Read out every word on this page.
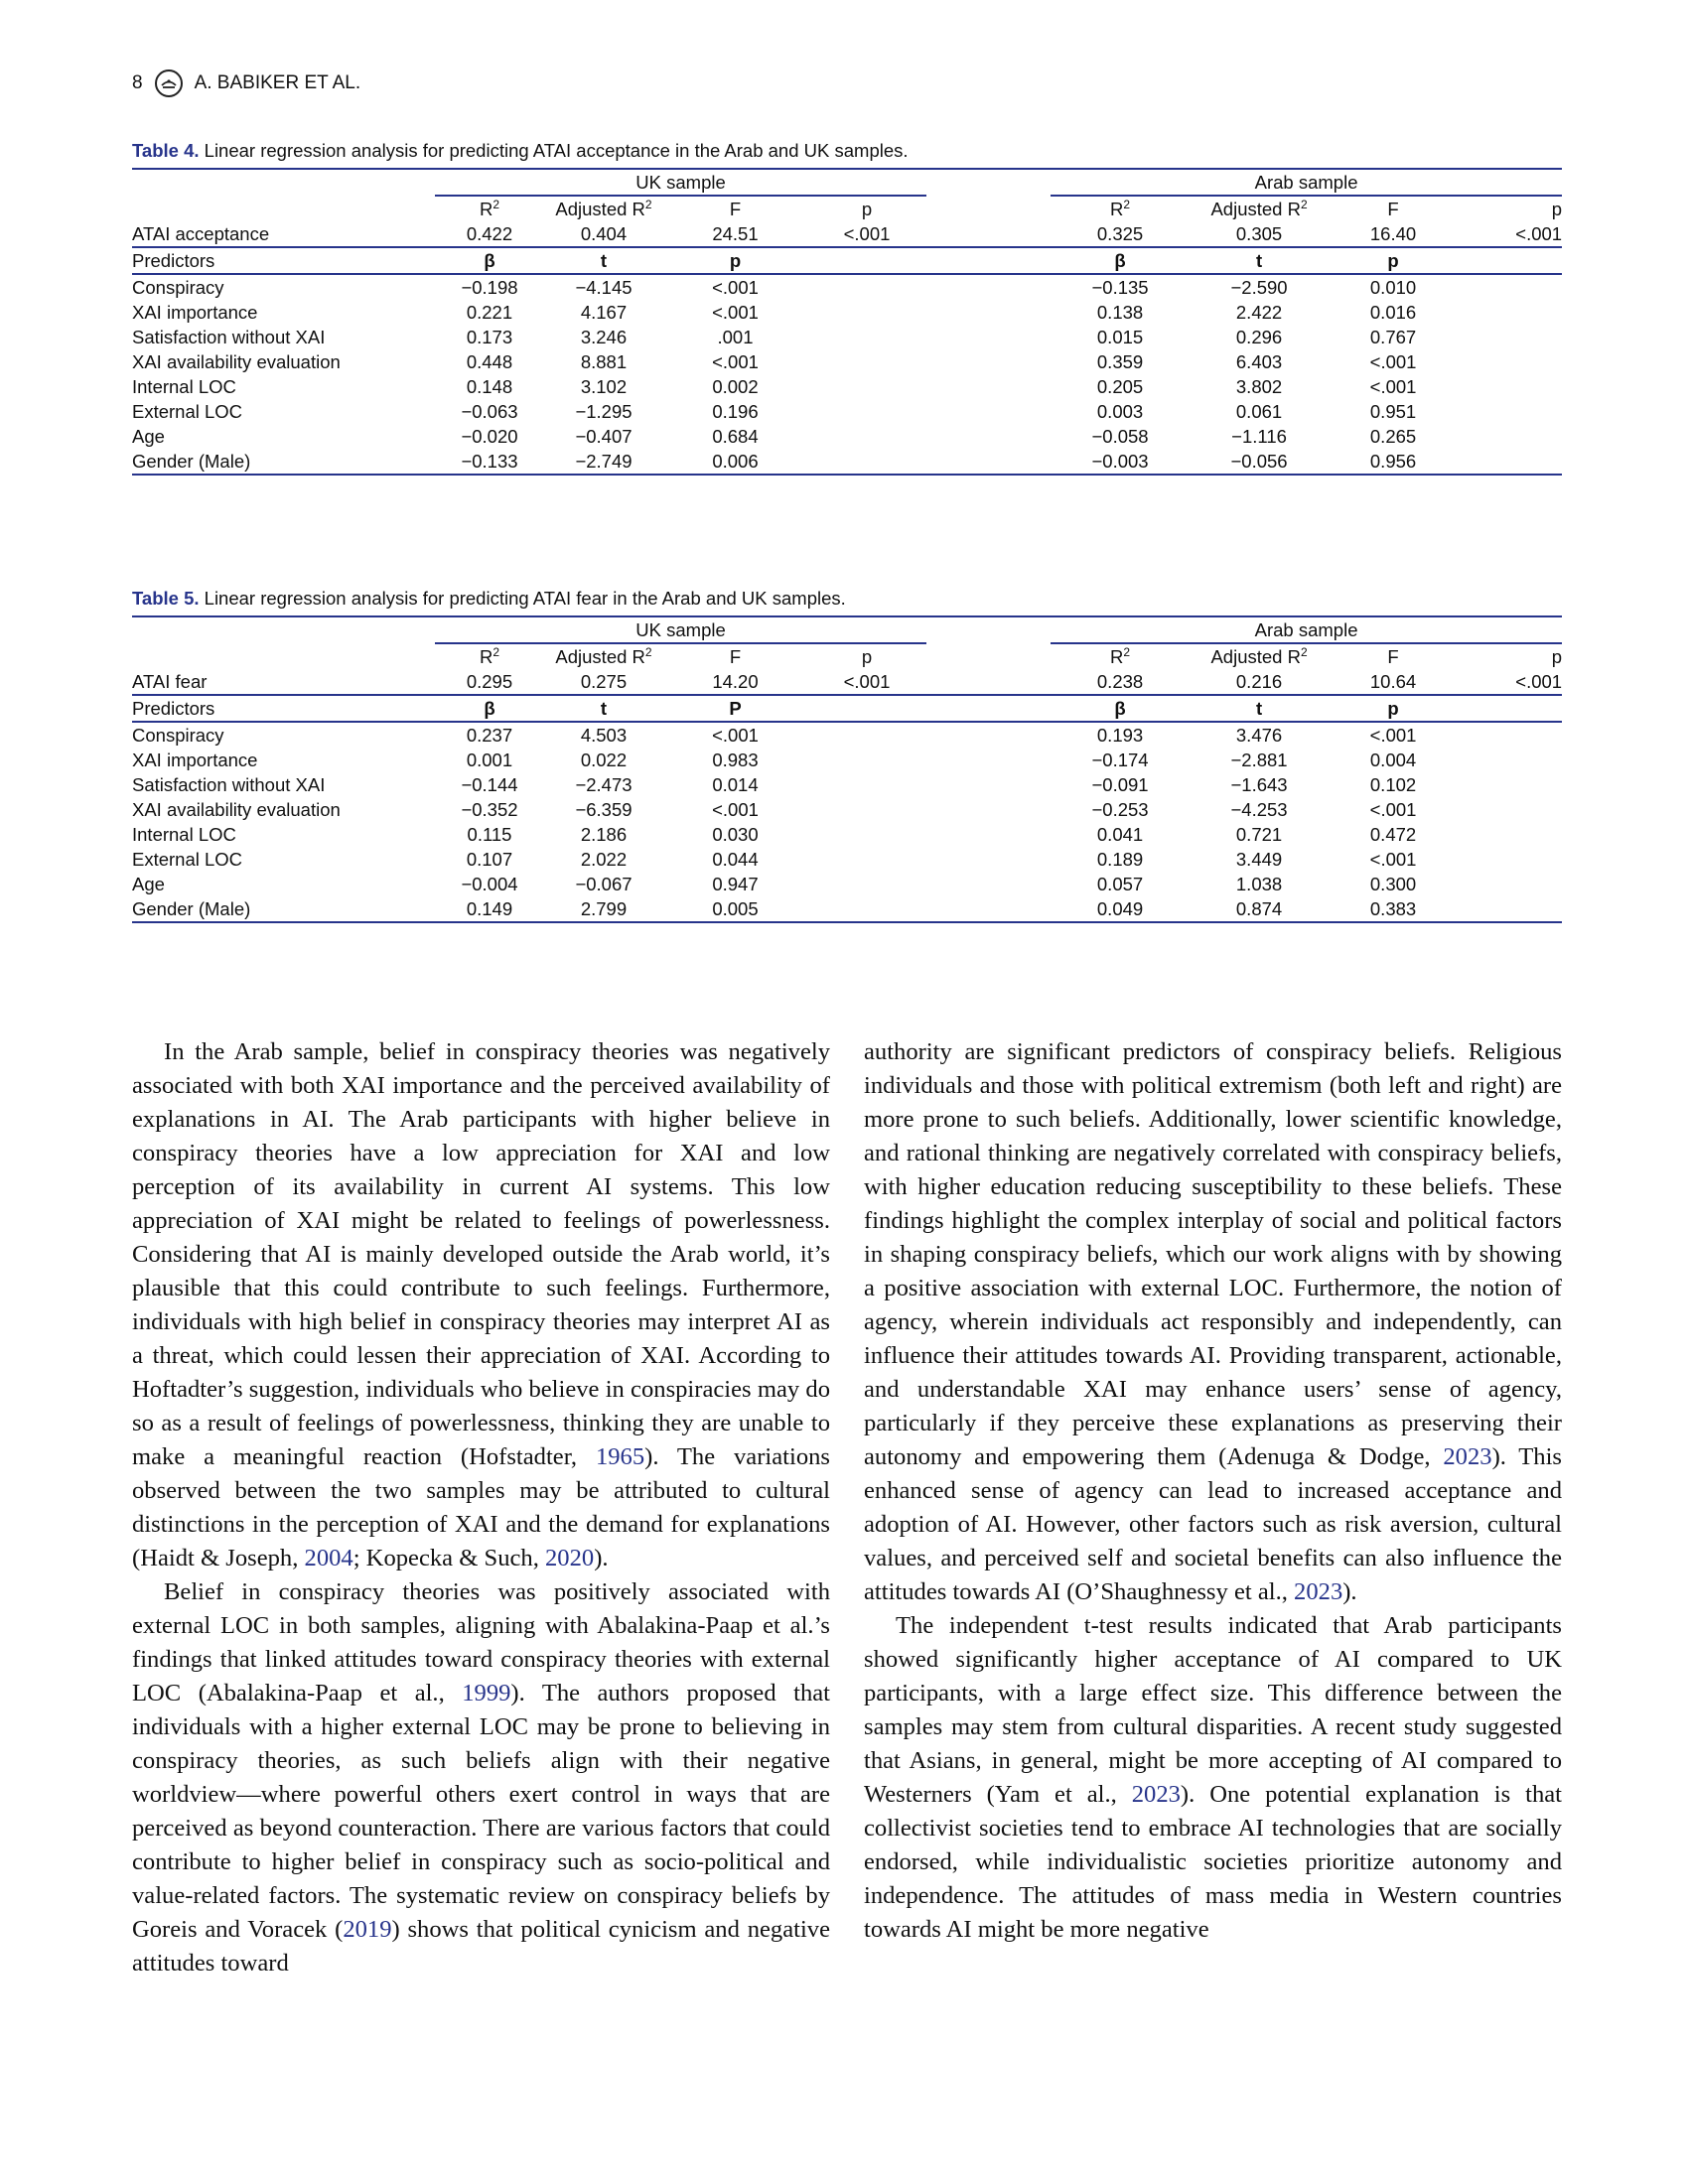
8	A. BABIKER ET AL.
Table 4. Linear regression analysis for predicting ATAI acceptance in the Arab and UK samples.
	UK sample					Arab sample			
	$R^2$	Adjusted $R^2$	F	p		$R^2$	Adjusted $R^2$	F	p
ATAI acceptance	0.422	0.404	24.51	<.001		0.325	0.305	16.40	<.001
Predictors	β	t	p			β	t	p	
Conspiracy	−0.198	−4.145	<.001			−0.135	−2.590	0.010	
XAI importance	0.221	4.167	<.001			0.138	2.422	0.016	
Satisfaction without XAI	0.173	3.246	.001			0.015	0.296	0.767	
XAI availability evaluation	0.448	8.881	<.001			0.359	6.403	<.001	
Internal LOC	0.148	3.102	0.002			0.205	3.802	<.001	
External LOC	−0.063	−1.295	0.196			0.003	0.061	0.951	
Age	−0.020	−0.407	0.684			−0.058	−1.116	0.265	
Gender (Male)	−0.133	−2.749	0.006			−0.003	−0.056	0.956	
Table 5. Linear regression analysis for predicting ATAI fear in the Arab and UK samples.
	UK sample					Arab sample			
	$R^2$	Adjusted $R^2$	F	p		$R^2$	Adjusted $R^2$	F	p
ATAI fear	0.295	0.275	14.20	<.001		0.238	0.216	10.64	<.001
Predictors	β	t	P			β	t	p	
Conspiracy	0.237	4.503	<.001			0.193	3.476	<.001	
XAI importance	0.001	0.022	0.983			−0.174	−2.881	0.004	
Satisfaction without XAI	−0.144	−2.473	0.014			−0.091	−1.643	0.102	
XAI availability evaluation	−0.352	−6.359	<.001			−0.253	−4.253	<.001	
Internal LOC	0.115	2.186	0.030			0.041	0.721	0.472	
External LOC	0.107	2.022	0.044			0.189	3.449	<.001	
Age	−0.004	−0.067	0.947			0.057	1.038	0.300	
Gender (Male)	0.149	2.799	0.005			0.049	0.874	0.383	

In the Arab sample, belief in conspiracy theories was negatively associated with both XAI importance and the perceived availability of explanations in AI. The Arab participants with higher believe in conspiracy theories have a low appreciation for XAI and low perception of its availability in current AI systems. This low appreciation of XAI might be related to feelings of powerlessness. Considering that AI is mainly developed outside the Arab world, it’s plausible that this could contribute to such feelings. Furthermore, individuals with high belief in conspiracy theories may interpret AI as a threat, which could lessen their appreciation of XAI. According to Hoftadter’s suggestion, individuals who believe in conspiracies may do so as a result of feelings of powerlessness, thinking they are unable to make a meaningful reaction (Hofstadter, 1965). The variations observed between the two samples may be attributed to cultural distinctions in the perception of XAI and the demand for explanations (Haidt & Joseph, 2004; Kopecka & Such, 2020).

Belief in conspiracy theories was positively associated with external LOC in both samples, aligning with Abalakina-Paap et al.’s findings that linked attitudes toward conspiracy theories with external LOC (Abalakina-Paap et al., 1999). The authors proposed that individuals with a higher external LOC may be prone to believing in conspiracy theories, as such beliefs align with their negative worldview—where powerful others exert control in ways that are perceived as beyond counteraction. There are various factors that could contribute to higher belief in conspiracy such as socio-political and value-related factors. The systematic review on conspiracy beliefs by Goreis and Voracek (2019) shows that political cynicism and negative attitudes toward

authority are significant predictors of conspiracy beliefs. Religious individuals and those with political extremism (both left and right) are more prone to such beliefs. Additionally, lower scientific knowledge, and rational thinking are negatively correlated with conspiracy beliefs, with higher education reducing susceptibility to these beliefs. These findings highlight the complex interplay of social and political factors in shaping conspiracy beliefs, which our work aligns with by showing a positive association with external LOC. Furthermore, the notion of agency, wherein individuals act responsibly and independently, can influence their attitudes towards AI. Providing transparent, actionable, and understandable XAI may enhance users’ sense of agency, particularly if they perceive these explanations as preserving their autonomy and empowering them (Adenuga & Dodge, 2023). This enhanced sense of agency can lead to increased acceptance and adoption of AI. However, other factors such as risk aversion, cultural values, and perceived self and societal benefits can also influence the attitudes towards AI (O’Shaughnessy et al., 2023).

The independent t-test results indicated that Arab participants showed significantly higher acceptance of AI compared to UK participants, with a large effect size. This difference between the samples may stem from cultural disparities. A recent study suggested that Asians, in general, might be more accepting of AI compared to Westerners (Yam et al., 2023). One potential explanation is that collectivist societies tend to embrace AI technologies that are socially endorsed, while individualistic societies prioritize autonomy and independence. The attitudes of mass media in Western countries towards AI might be more negative
